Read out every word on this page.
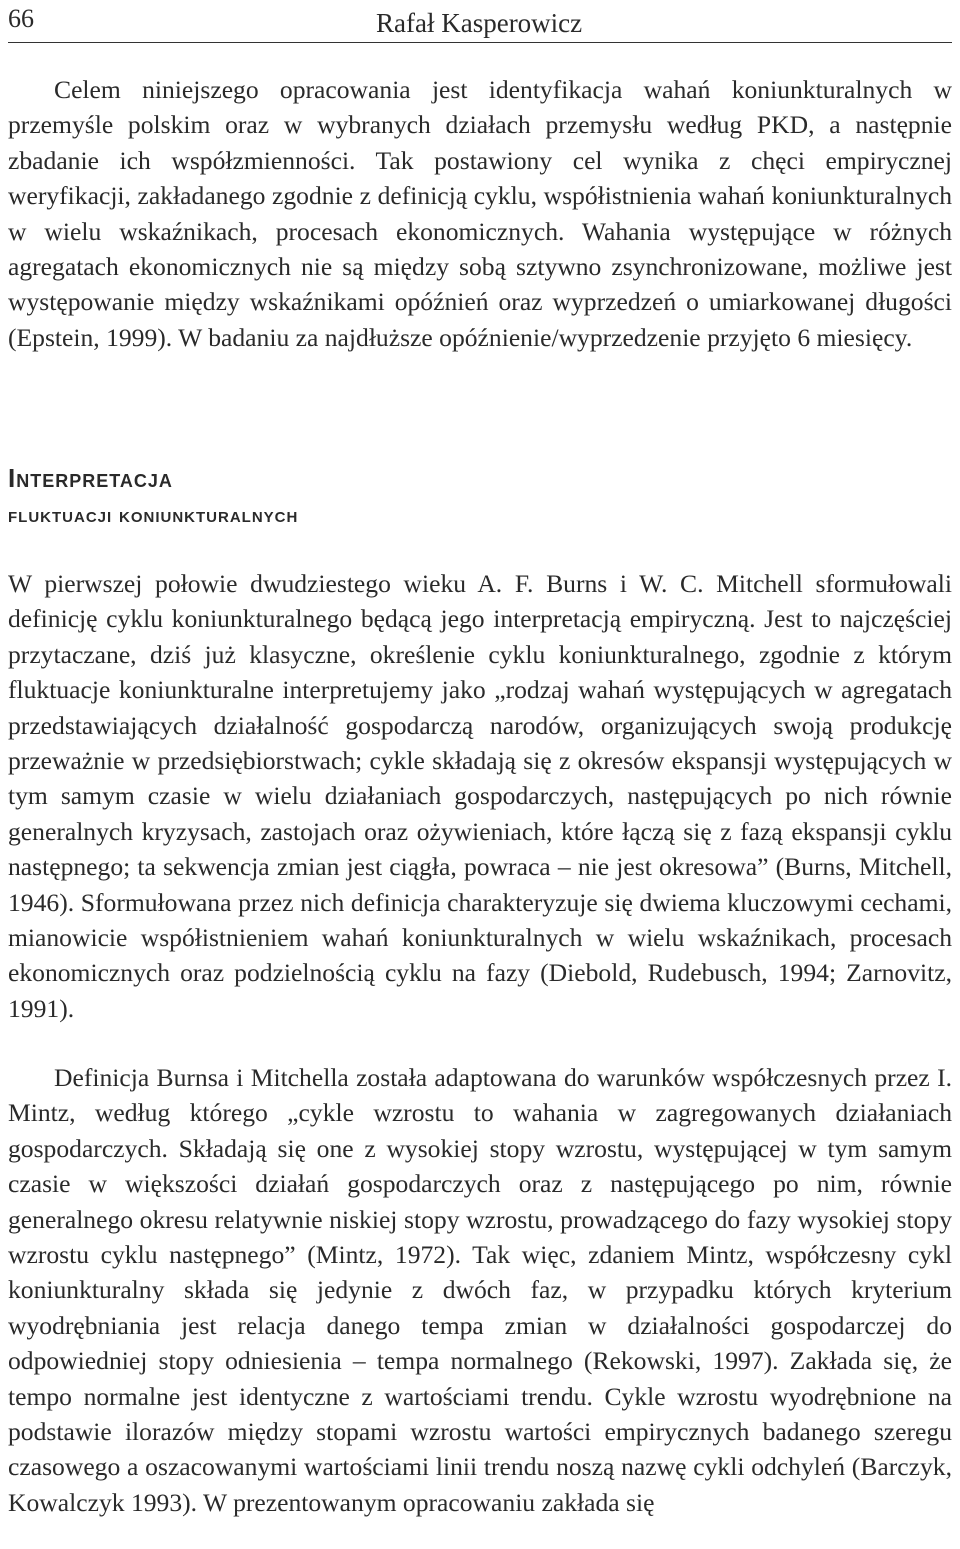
66	Rafał Kasperowicz

Celem niniejszego opracowania jest identyfikacja wahań koniunkturalnych w przemyśle polskim oraz w wybranych działach przemysłu według PKD, a następnie zbadanie ich współzmienności. Tak postawiony cel wynika z chęci empirycznej weryfikacji, zakładanego zgodnie z definicją cyklu, współistnienia wahań koniunkturalnych w wielu wskaźnikach, procesach ekonomicznych. Wahania występujące w różnych agregatach ekonomicznych nie są między sobą sztywno zsynchronizowane, możliwe jest występowanie między wskaźnikami opóźnień oraz wyprzedzeń o umiarkowanej długości (Epstein, 1999). W badaniu za najdłuższe opóźnienie/wyprzedzenie przyjęto 6 miesięcy.

Interpretacja
fluktuacji koniunkturalnych

W pierwszej połowie dwudziestego wieku A. F. Burns i W. C. Mitchell sformułowali definicję cyklu koniunkturalnego będącą jego interpretacją empiryczną. Jest to najczęściej przytaczane, dziś już klasyczne, określenie cyklu koniunkturalnego, zgodnie z którym fluktuacje koniunkturalne interpretujemy jako „rodzaj wahań występujących w agregatach przedstawiających działalność gospodarczą narodów, organizujących swoją produkcję przeważnie w przedsiębiorstwach; cykle składają się z okresów ekspansji występujących w tym samym czasie w wielu działaniach gospodarczych, następujących po nich równie generalnych kryzysach, zastojach oraz ożywieniach, które łączą się z fazą ekspansji cyklu następnego; ta sekwencja zmian jest ciągła, powraca – nie jest okresowa” (Burns, Mitchell, 1946). Sformułowana przez nich definicja charakteryzuje się dwiema kluczowymi cechami, mianowicie współistnieniem wahań koniunkturalnych w wielu wskaźnikach, procesach ekonomicznych oraz podzielnością cyklu na fazy (Diebold, Rudebusch, 1994; Zarnovitz, 1991).

Definicja Burnsa i Mitchella została adaptowana do warunków współczesnych przez I. Mintz, według którego „cykle wzrostu to wahania w zagregowanych działaniach gospodarczych. Składają się one z wysokiej stopy wzrostu, występującej w tym samym czasie w większości działań gospodarczych oraz z następującego po nim, równie generalnego okresu relatywnie niskiej stopy wzrostu, prowadzącego do fazy wysokiej stopy wzrostu cyklu następnego” (Mintz, 1972). Tak więc, zdaniem Mintz, współczesny cykl koniunkturalny składa się jedynie z dwóch faz, w przypadku których kryterium wyodrębniania jest relacja danego tempa zmian w działalności gospodarczej do odpowiedniej stopy odniesienia – tempa normalnego (Rekowski, 1997). Zakłada się, że tempo normalne jest identyczne z wartościami trendu. Cykle wzrostu wyodrębnione na podstawie ilorazów między stopami wzrostu wartości empirycznych badanego szeregu czasowego a oszacowanymi wartościami linii trendu noszą nazwę cykli odchyleń (Barczyk, Kowalczyk 1993). W prezentowanym opracowaniu zakłada się
